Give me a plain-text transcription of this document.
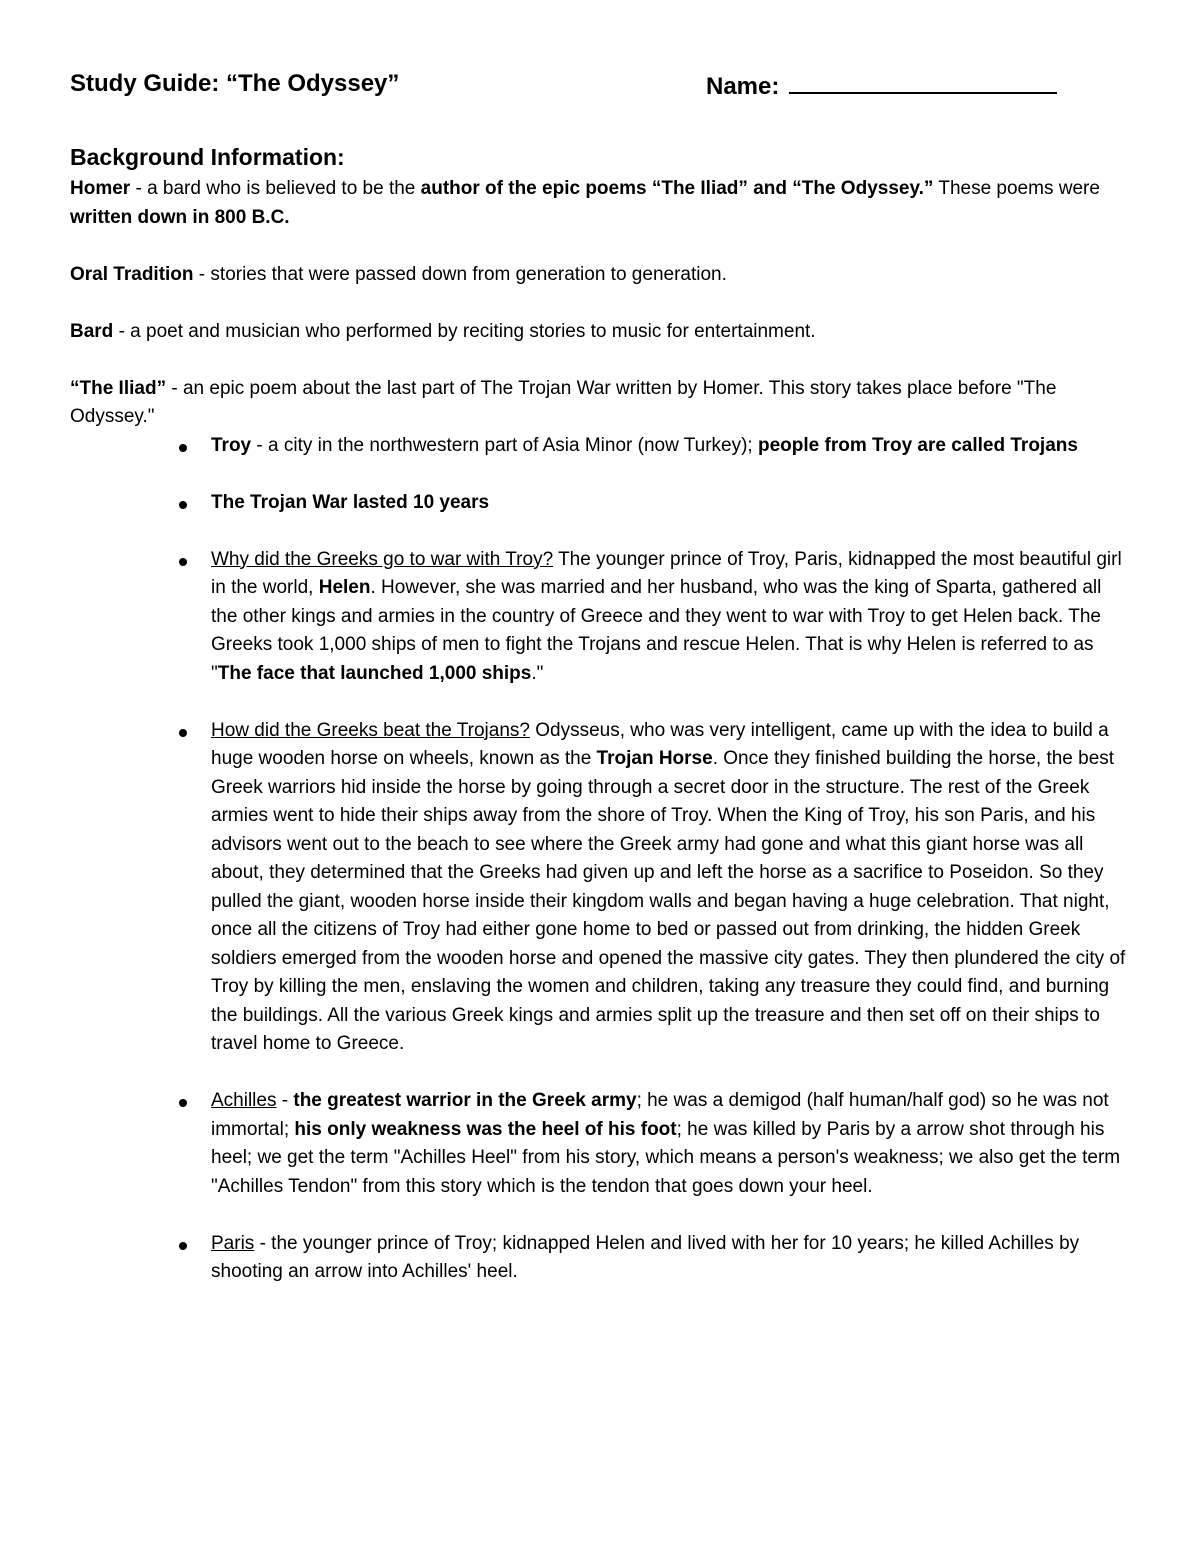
Study Guide: “The Odyssey”	Name:
Background Information:

Homer - a bard who is believed to be the author of the epic poems “The Iliad” and “The Odyssey.” These poems were written down in 800 B.C.

Oral Tradition - stories that were passed down from generation to generation.

Bard - a poet and musician who performed by reciting stories to music for entertainment.

“The Iliad” - an epic poem about the last part of The Trojan War written by Homer. This story takes place before "The Odyssey."

Troy - a city in the northwestern part of Asia Minor (now Turkey); people from Troy are called Trojans
The Trojan War lasted 10 years
Why did the Greeks go to war with Troy? The younger prince of Troy, Paris, kidnapped the most beautiful girl in the world, Helen. However, she was married and her husband, who was the king of Sparta, gathered all the other kings and armies in the country of Greece and they went to war with Troy to get Helen back. The Greeks took 1,000 ships of men to fight the Trojans and rescue Helen. That is why Helen is referred to as "The face that launched 1,000 ships."
How did the Greeks beat the Trojans? Odysseus, who was very intelligent, came up with the idea to build a huge wooden horse on wheels, known as the Trojan Horse. Once they finished building the horse, the best Greek warriors hid inside the horse by going through a secret door in the structure. The rest of the Greek armies went to hide their ships away from the shore of Troy. When the King of Troy, his son Paris, and his advisors went out to the beach to see where the Greek army had gone and what this giant horse was all about, they determined that the Greeks had given up and left the horse as a sacrifice to Poseidon. So they pulled the giant, wooden horse inside their kingdom walls and began having a huge celebration. That night, once all the citizens of Troy had either gone home to bed or passed out from drinking, the hidden Greek soldiers emerged from the wooden horse and opened the massive city gates. They then plundered the city of Troy by killing the men, enslaving the women and children, taking any treasure they could find, and burning the buildings. All the various Greek kings and armies split up the treasure and then set off on their ships to travel home to Greece.
Achilles - the greatest warrior in the Greek army; he was a demigod (half human/half god) so he was not immortal; his only weakness was the heel of his foot; he was killed by Paris by a arrow shot through his heel; we get the term "Achilles Heel" from his story, which means a person's weakness; we also get the term "Achilles Tendon" from this story which is the tendon that goes down your heel.
Paris - the younger prince of Troy; kidnapped Helen and lived with her for 10 years; he killed Achilles by shooting an arrow into Achilles' heel.
